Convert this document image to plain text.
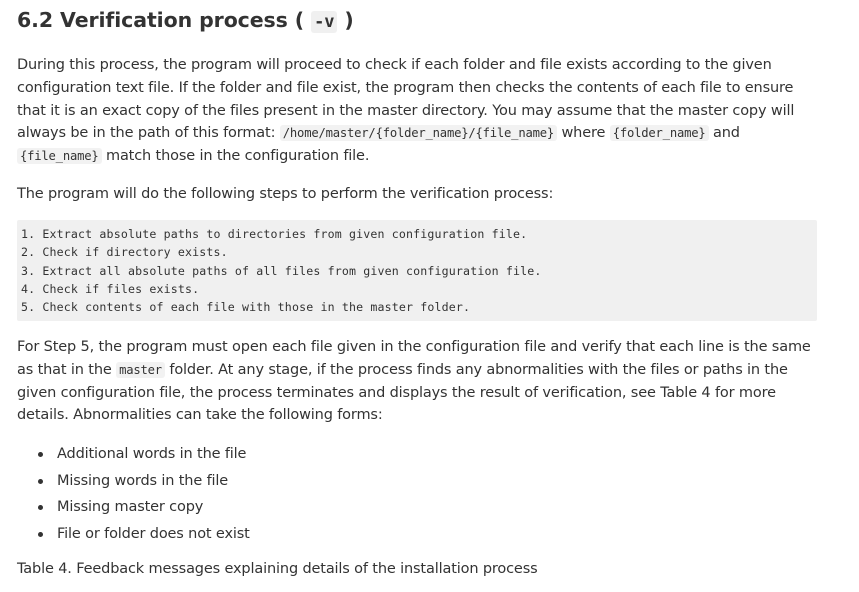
6.2 Verification process ( -v )

During this process, the program will proceed to check if each folder and file exists according to the given configuration text file. If the folder and file exist, the program then checks the contents of each file to ensure that it is an exact copy of the files present in the master directory. You may assume that the master copy will always be in the path of this format: /home/master/{folder_name}/{file_name} where {folder_name} and {file_name} match those in the configuration file.

The program will do the following steps to perform the verification process:

1. Extract absolute paths to directories from given configuration file.
2. Check if directory exists.
3. Extract all absolute paths of all files from given configuration file.
4. Check if files exists.
5. Check contents of each file with those in the master folder.

For Step 5, the program must open each file given in the configuration file and verify that each line is the same as that in the master folder. At any stage, if the process finds any abnormalities with the files or paths in the given configuration file, the process terminates and displays the result of verification, see Table 4 for more details. Abnormalities can take the following forms:

Additional words in the file
Missing words in the file
Missing master copy
File or folder does not exist

Table 4. Feedback messages explaining details of the installation process
